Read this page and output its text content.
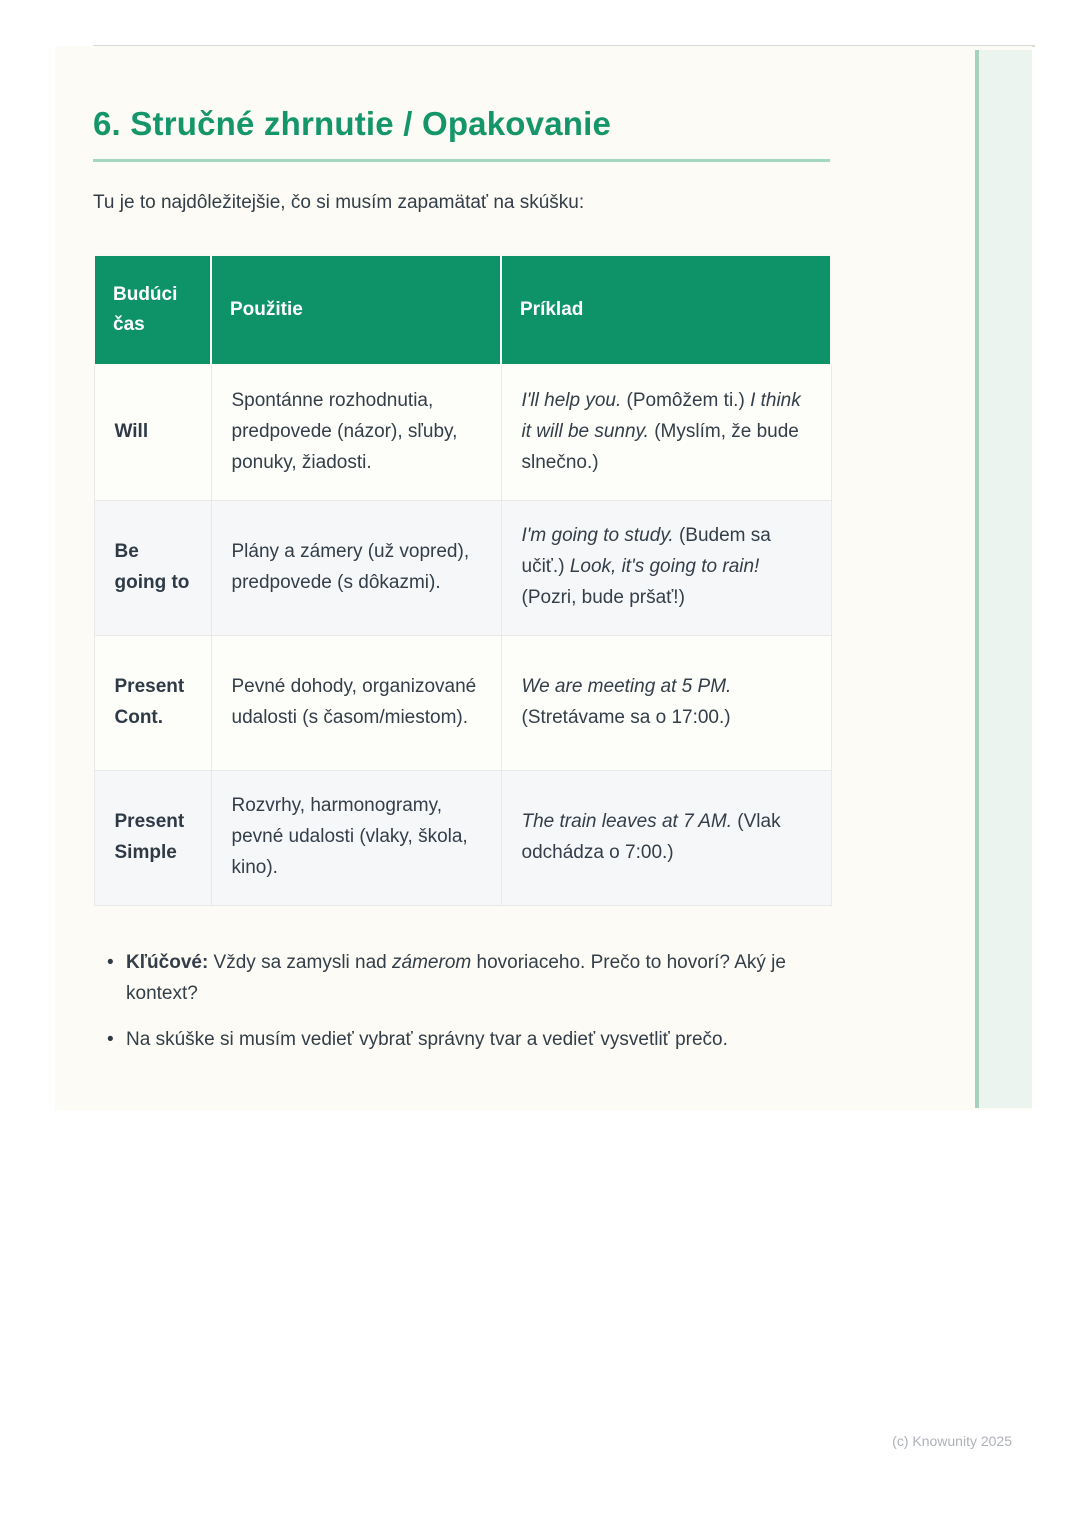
6. Stručné zhrnutie / Opakovanie

Tu je to najdôležitejšie, čo si musím zapamätať na skúšku:

Budúci čas	Použitie	Príklad
Will	Spontánne rozhodnutia, predpovede (názor), sľuby, ponuky, žiadosti.	I'll help you. (Pomôžem ti.) I think it will be sunny. (Myslím, že bude slnečno.)
Be going to	Plány a zámery (už vopred), predpovede (s dôkazmi).	I'm going to study. (Budem sa učiť.) Look, it's going to rain! (Pozri, bude pršať!)
Present Cont.	Pevné dohody, organizované udalosti (s časom/miestom).	We are meeting at 5 PM. (Stretávame sa o 17:00.)
Present Simple	Rozvrhy, harmonogramy, pevné udalosti (vlaky, škola, kino).	The train leaves at 7 AM. (Vlak odchádza o 7:00.)
• Kľúčové: Vždy sa zamysli nad zámerom hovoriaceho. Prečo to hovorí? Aký je kontext?
• Na skúške si musím vedieť vybrať správny tvar a vedieť vysvetliť prečo.
(c) Knowunity 2025
